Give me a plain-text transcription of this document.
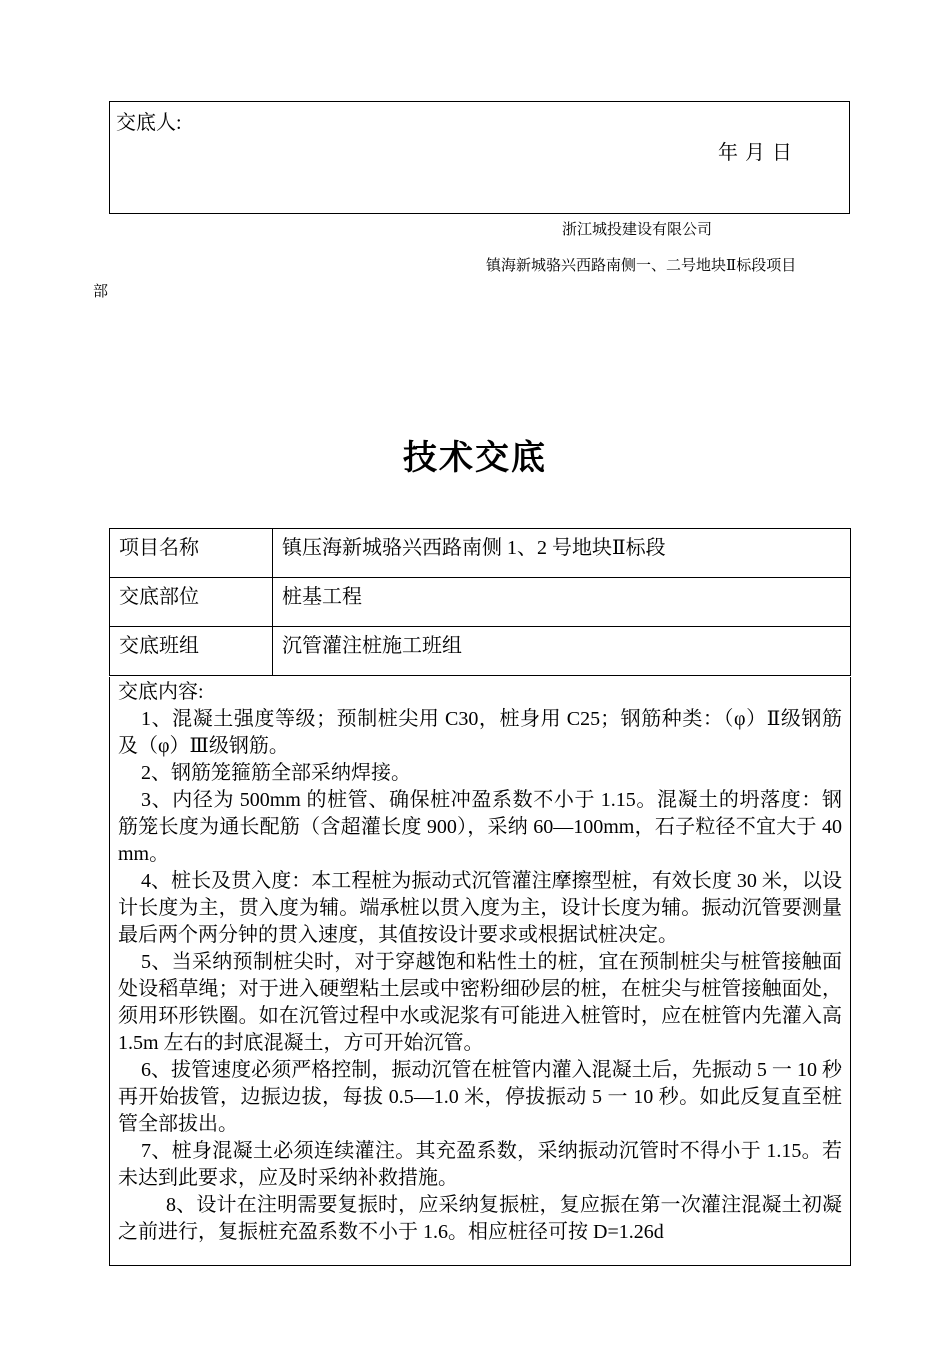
交底人:
年 月 日
浙江城投建设有限公司
镇海新城骆兴西路南侧一、二号地块Ⅱ标段项目
部
技术交底
项目名称	镇压海新城骆兴西路南侧 1、2 号地块Ⅱ标段
交底部位	桩基工程
交底班组	沉管灌注桩施工班组
交底内容:

1、混凝土强度等级；预制桩尖用 C30，桩身用 C25；钢筋种类：（φ）Ⅱ级钢筋及（φ）Ⅲ级钢筋。

2、钢筋笼箍筋全部采纳焊接。

3、内径为 500mm 的桩管、确保桩冲盈系数不小于 1.15。混凝土的坍落度：钢筋笼长度为通长配筋（含超灌长度 900），采纳 60—100mm，石子粒径不宜大于 40mm。

4、桩长及贯入度：本工程桩为振动式沉管灌注摩擦型桩，有效长度 30 米，以设计长度为主，贯入度为辅。端承桩以贯入度为主，设计长度为辅。振动沉管要测量最后两个两分钟的贯入速度，其值按设计要求或根据试桩决定。

5、当采纳预制桩尖时，对于穿越饱和粘性土的桩，宜在预制桩尖与桩管接触面处设稻草绳；对于进入硬塑粘土层或中密粉细砂层的桩，在桩尖与桩管接触面处，须用环形铁圈。如在沉管过程中水或泥浆有可能进入桩管时，应在桩管内先灌入高 1.5m 左右的封底混凝土，方可开始沉管。

6、拔管速度必须严格控制，振动沉管在桩管内灌入混凝土后，先振动 5 一 10 秒再开始拔管，边振边拔，每拔 0.5—1.0 米，停拔振动 5 一 10 秒。如此反复直至桩管全部拔出。

7、桩身混凝土必须连续灌注。其充盈系数，采纳振动沉管时不得小于 1.15。若未达到此要求，应及时采纳补救措施。

8、设计在注明需要复振时，应采纳复振桩，复应振在第一次灌注混凝土初凝之前进行，复振桩充盈系数不小于 1.6。相应桩径可按 D=1.26d
